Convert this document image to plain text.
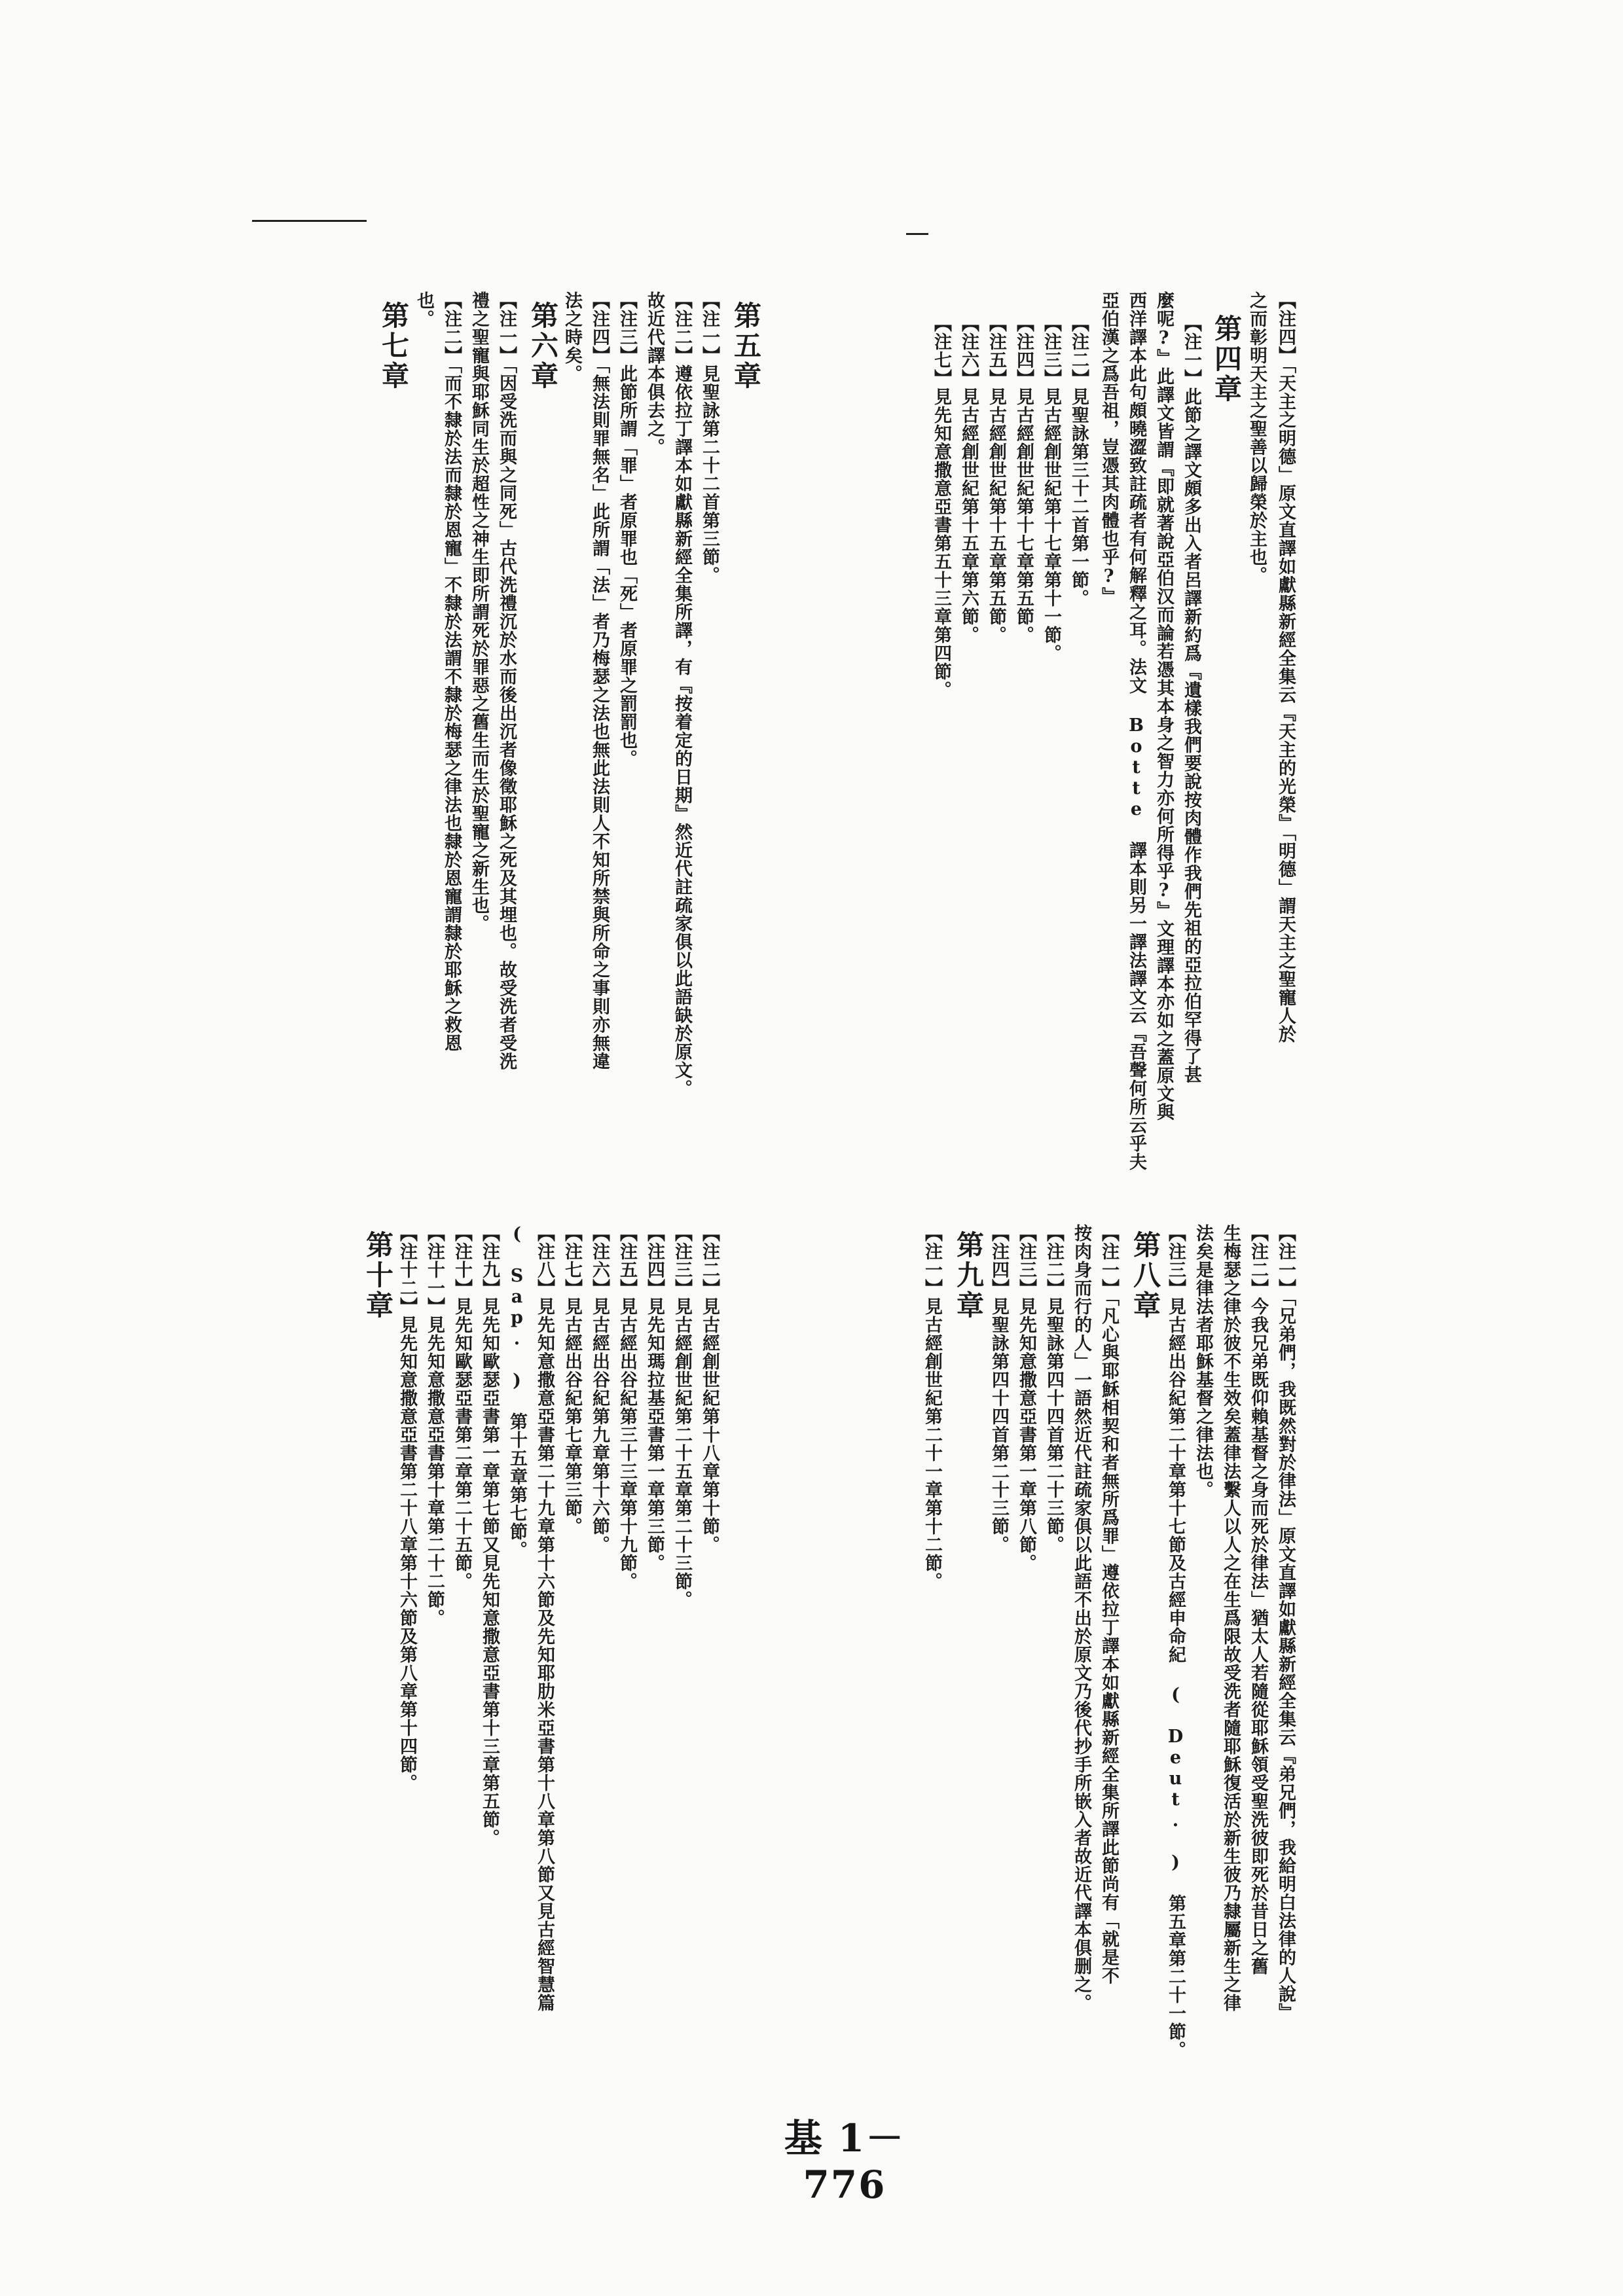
【注四】「天主之明德」原文直譯如獻縣新經全集云『天主的光榮』「明德」謂天主之聖寵人於
之而彰明天主之聖善以歸榮於主也。
第四章
【注一】此節之譯文頗多出入者呂譯新約爲『遺樣我們要說按肉體作我們先祖的亞拉伯罕得了甚
麼呢?』此譯文皆謂『即就著說亞伯汉而論若憑其本身之智力亦何所得乎?』文理譯本亦如之蓋原文與
西洋譯本此句頗曉澀致註疏者有何解釋之耳。法文 Botte 譯本則另一譯法譯文云『吾聲何所云乎夫
亞伯漢之爲吾祖，豈憑其肉體也乎?』
【注二】見聖詠第三十二首第一節。
【注三】見古經創世紀第十七章第十一節。
【注四】見古經創世紀第十七章第五節。
【注五】見古經創世紀第十五章第五節。
【注六】見古經創世紀第十五章第六節。
【注七】見先知意撒意亞書第五十三章第四節。
第五章
【注一】見聖詠第二十二首第三節。
【注二】遵依拉丁譯本如獻縣新經全集所譯，有『按着定的日期』然近代註疏家俱以此語缺於原文。
故近代譯本俱去之。
【注三】此節所謂「罪」者原罪也「死」者原罪之罰罰也。
【注四】「無法則罪無名」此所謂「法」者乃梅瑟之法也無此法則人不知所禁與所命之事則亦無違
法之時矣。
第六章
【注一】「因受洗而與之同死」古代洗禮沉於水而後出沉者像徵耶穌之死及其埋也。故受洗者受洗
禮之聖寵與耶穌同生於超性之神生即所謂死於罪惡之舊生而生於聖寵之新生也。
【注二】「而不隸於法而隸於恩寵」不隸於法謂不隸於梅瑟之律法也隸於恩寵謂隸於耶穌之救恩
也。
第七章
【注一】「兄弟們，我既然對於律法」原文直譯如獻縣新經全集云『弟兄們，我給明白法律的人說』
【注二】今我兄弟既仰賴基督之身而死於律法」猶太人若隨從耶穌領受聖洗彼即死於昔日之舊
生梅瑟之律於彼不生效矣蓋律法繫人以人之在生爲限故受洗者隨耶穌復活於新生彼乃隸屬新生之律
法矣是律法者耶穌基督之律法也。
【注三】見古經出谷紀第二十章第十七節及古經申命紀 ( Deut. ) 第五章第二十一節。
第八章
【注一】「凡心與耶穌相契和者無所爲罪」遵依拉丁譯本如獻縣新經全集所譯此節尚有「就是不
按肉身而行的人」一語然近代註疏家俱以此語不出於原文乃後代抄手所嵌入者故近代譯本俱删之。
【注二】見聖詠第四十四首第二十三節。
【注三】見先知意撒意亞書第一章第八節。
【注四】見聖詠第四十四首第二十三節。
第九章
【注一】見古經創世紀第二十一章第十二節。
【注二】見古經創世紀第十八章第十節。
【注三】見古經創世紀第二十五章第二十三節。
【注四】見先知瑪拉基亞書第一章第三節。
【注五】見古經出谷紀第三十三章第十九節。
【注六】見古經出谷紀第九章第十六節。
【注七】見古經出谷紀第七章第三節。
【注八】見先知意撒意亞書第二十九章第十六節及先知耶肋米亞書第十八章第八節又見古經智慧篇
( Sap. ) 第十五章第七節。
【注九】見先知歐瑟亞書第一章第七節又見先知意撒意亞書第十三章第五節。
【注十】見先知歐瑟亞書第二章第二十五節。
【注十一】見先知意撒意亞書第十章第二十二節。
【注十二】見先知意撒意亞書第二十八章第十六節及第八章第十四節。
第十章
基 1－776
